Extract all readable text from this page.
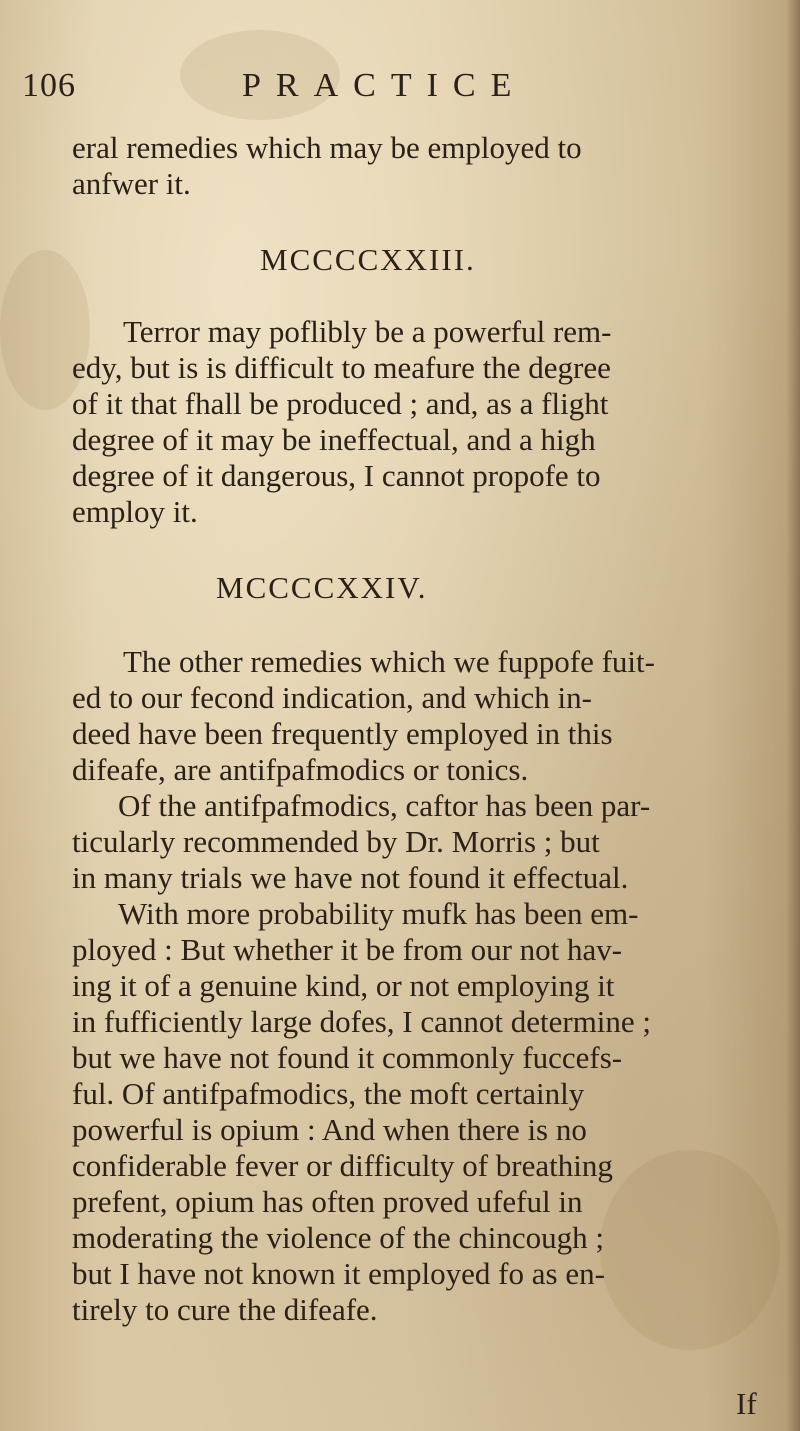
106	PRACTICE
eral remedies which may be employed to
anfwer it.
MCCCCXXIII.
Terror may poflibly be a powerful rem-
edy, but is is difficult to meafure the degree
of it that fhall be produced ; and, as a flight
degree of it may be ineffectual, and a high
degree of it dangerous, I cannot propofe to
employ it.
MCCCCXXIV.
The other remedies which we fuppofe fuit-
ed to our fecond indication, and which in-
deed have been frequently employed in this
difeafe, are antifpafmodics or tonics.
Of the antifpafmodics, caftor has been par-
ticularly recommended by Dr. Morris ; but
in many trials we have not found it effectual.
With more probability mufk has been em-
ployed : But whether it be from our not hav-
ing it of a genuine kind, or not employing it
in fufficiently large dofes, I cannot determine ;
but we have not found it commonly fuccefs-
ful. Of antifpafmodics, the moft certainly
powerful is opium : And when there is no
confiderable fever or difficulty of breathing
prefent, opium has often proved ufeful in
moderating the violence of the chincough ;
but I have not known it employed fo as en-
tirely to cure the difeafe.
If
